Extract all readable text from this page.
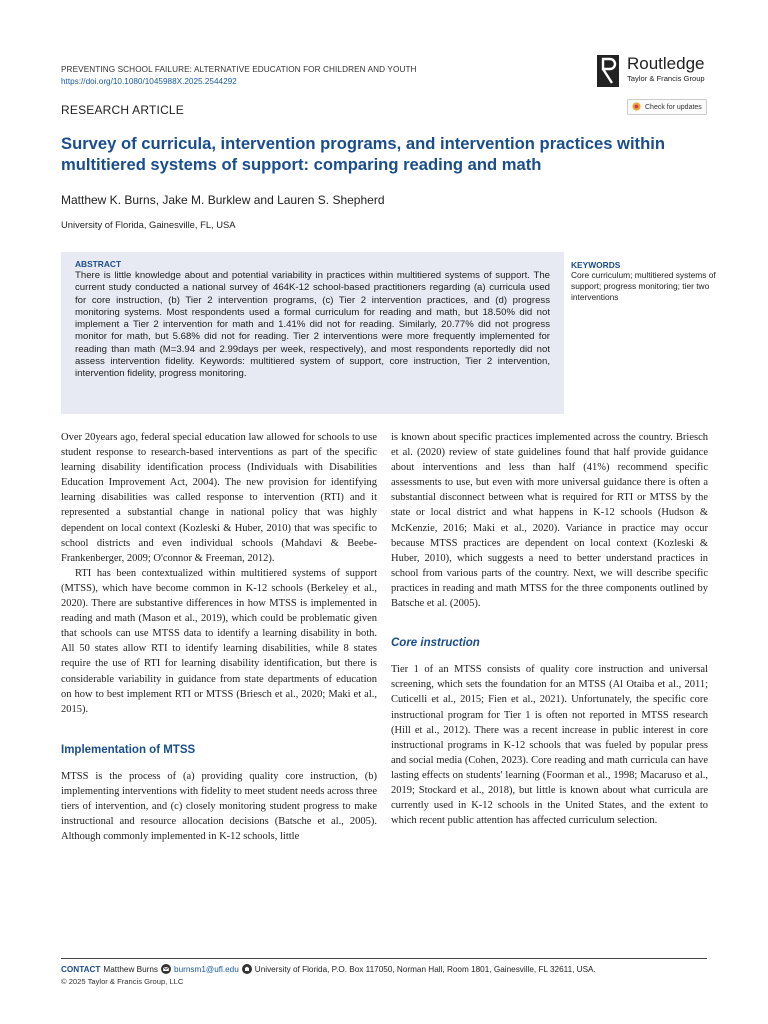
PREVENTING SCHOOL FAILURE: ALTERNATIVE EDUCATION FOR CHILDREN AND YOUTH
https://doi.org/10.1080/1045988X.2025.2544292
Routledge
Taylor & Francis Group
RESEARCH ARTICLE	Check for updates
Survey of curricula, intervention programs, and intervention practices within multitiered systems of support: comparing reading and math
Matthew K. Burns, Jake M. Burklew and Lauren S. Shepherd
University of Florida, Gainesville, FL, USA
ABSTRACT
There is little knowledge about and potential variability in practices within multitiered systems of support. The current study conducted a national survey of 464K-12 school-based practitioners regarding (a) curricula used for core instruction, (b) Tier 2 intervention programs, (c) Tier 2 intervention practices, and (d) progress monitoring systems. Most respondents used a formal curriculum for reading and math, but 18.50% did not implement a Tier 2 intervention for math and 1.41% did not for reading. Similarly, 20.77% did not progress monitor for math, but 5.68% did not for reading. Tier 2 interventions were more frequently implemented for reading than math (M=3.94 and 2.99days per week, respectively), and most respondents reportedly did not assess intervention fidelity. Keywords: multitiered system of support, core instruction, Tier 2 intervention, intervention fidelity, progress monitoring.
KEYWORDS
Core curriculum; multitiered systems of support; progress monitoring; tier two interventions

Over 20years ago, federal special education law allowed for schools to use student response to research-based interventions as part of the specific learning disability identification process (Individuals with Disabilities Education Improvement Act, 2004). The new provision for identifying learning disabilities was called response to intervention (RTI) and it represented a substantial change in national policy that was highly dependent on local context (Kozleski & Huber, 2010) that was specific to school districts and even individual schools (Mahdavi & Beebe-Frankenberger, 2009; O'connor & Freeman, 2012).

RTI has been contextualized within multitiered systems of support (MTSS), which have become common in K-12 schools (Berkeley et al., 2020). There are substantive differences in how MTSS is implemented in reading and math (Mason et al., 2019), which could be problematic given that schools can use MTSS data to identify a learning disability in both. All 50 states allow RTI to identify learning disabilities, while 8 states require the use of RTI for learning disability identification, but there is considerable variability in guidance from state departments of education on how to best implement RTI or MTSS (Briesch et al., 2020; Maki et al., 2015).

Implementation of MTSS

MTSS is the process of (a) providing quality core instruction, (b) implementing interventions with fidelity to meet student needs across three tiers of intervention, and (c) closely monitoring student progress to make instructional and resource allocation decisions (Batsche et al., 2005). Although commonly implemented in K-12 schools, little

is known about specific practices implemented across the country. Briesch et al. (2020) review of state guidelines found that half provide guidance about interventions and less than half (41%) recommend specific assessments to use, but even with more universal guidance there is often a substantial disconnect between what is required for RTI or MTSS by the state or local district and what happens in K-12 schools (Hudson & McKenzie, 2016; Maki et al., 2020). Variance in practice may occur because MTSS practices are dependent on local context (Kozleski & Huber, 2010), which suggests a need to better understand practices in school from various parts of the country. Next, we will describe specific practices in reading and math MTSS for the three components outlined by Batsche et al. (2005).

Core instruction

Tier 1 of an MTSS consists of quality core instruction and universal screening, which sets the foundation for an MTSS (Al Otaiba et al., 2011; Cuticelli et al., 2015; Fien et al., 2021). Unfortunately, the specific core instructional program for Tier 1 is often not reported in MTSS research (Hill et al., 2012). There was a recent increase in public interest in core instructional programs in K-12 schools that was fueled by popular press and social media (Cohen, 2023). Core reading and math curricula can have lasting effects on students' learning (Foorman et al., 1998; Macaruso et al., 2019; Stockard et al., 2018), but little is known about what curricula are currently used in K-12 schools in the United States, and the extent to which recent public attention has affected curriculum selection.

CONTACT Matthew Burns burnsm1@ufl.edu University of Florida, P.O. Box 117050, Norman Hall, Room 1801, Gainesville, FL 32611, USA.
© 2025 Taylor & Francis Group, LLC
